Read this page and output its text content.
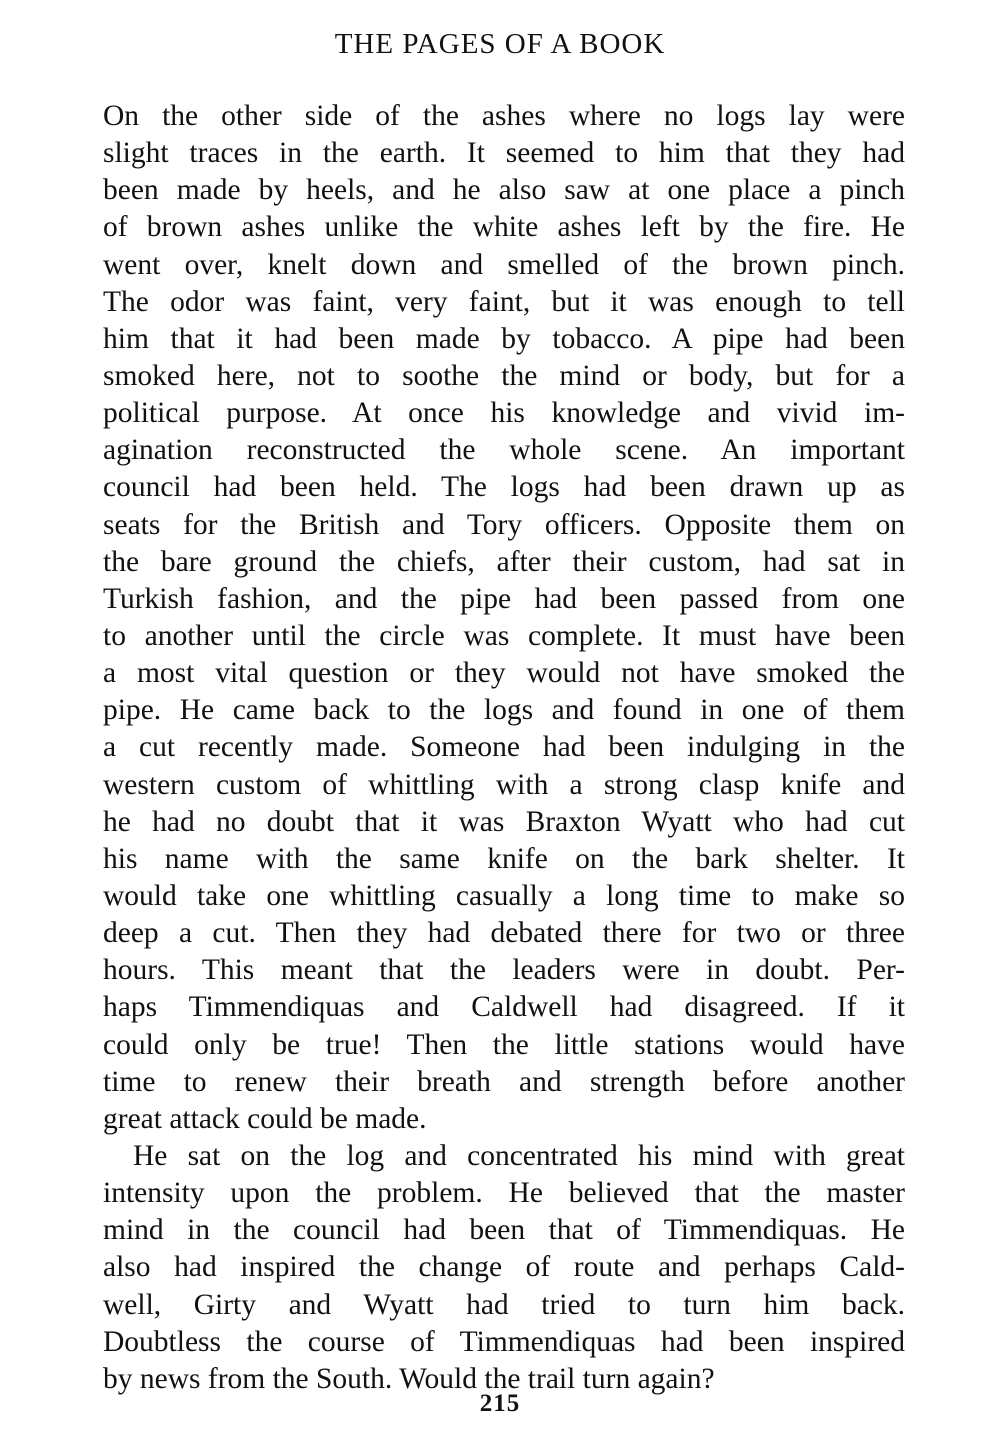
THE PAGES OF A BOOK
On the other side of the ashes where no logs lay were
slight traces in the earth. It seemed to him that they had
been made by heels, and he also saw at one place a pinch
of brown ashes unlike the white ashes left by the fire. He
went over, knelt down and smelled of the brown pinch.
The odor was faint, very faint, but it was enough to tell
him that it had been made by tobacco. A pipe had been
smoked here, not to soothe the mind or body, but for a
political purpose. At once his knowledge and vivid im-
agination reconstructed the whole scene. An important
council had been held. The logs had been drawn up as
seats for the British and Tory officers. Opposite them on
the bare ground the chiefs, after their custom, had sat in
Turkish fashion, and the pipe had been passed from one
to another until the circle was complete. It must have been
a most vital question or they would not have smoked the
pipe. He came back to the logs and found in one of them
a cut recently made. Someone had been indulging in the
western custom of whittling with a strong clasp knife and
he had no doubt that it was Braxton Wyatt who had cut
his name with the same knife on the bark shelter. It
would take one whittling casually a long time to make so
deep a cut. Then they had debated there for two or three
hours. This meant that the leaders were in doubt. Per-
haps Timmendiquas and Caldwell had disagreed. If it
could only be true! Then the little stations would have
time to renew their breath and strength before another
great attack could be made.
He sat on the log and concentrated his mind with great
intensity upon the problem. He believed that the master
mind in the council had been that of Timmendiquas. He
also had inspired the change of route and perhaps Cald-
well, Girty and Wyatt had tried to turn him back.
Doubtless the course of Timmendiquas had been inspired
by news from the South. Would the trail turn again?
215
